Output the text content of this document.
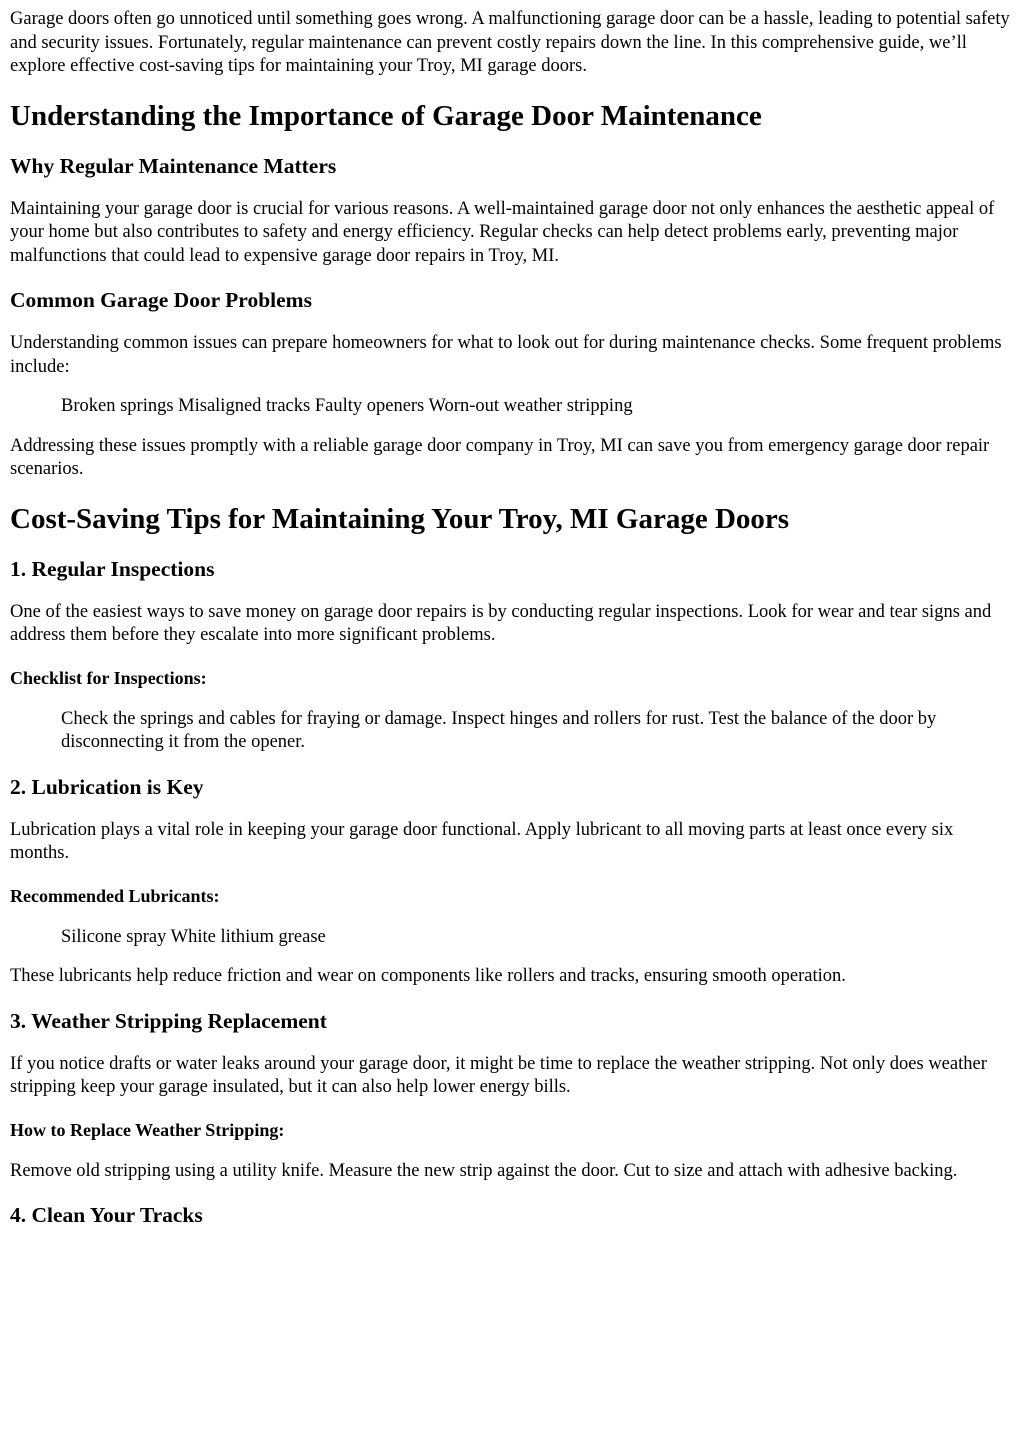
Garage doors often go unnoticed until something goes wrong. A malfunctioning garage door can be a hassle, leading to potential safety and security issues. Fortunately, regular maintenance can prevent costly repairs down the line. In this comprehensive guide, we’ll explore effective cost-saving tips for maintaining your Troy, MI garage doors.

Understanding the Importance of Garage Door Maintenance
Why Regular Maintenance Matters

Maintaining your garage door is crucial for various reasons. A well-maintained garage door not only enhances the aesthetic appeal of your home but also contributes to safety and energy efficiency. Regular checks can help detect problems early, preventing major malfunctions that could lead to expensive garage door repairs in Troy, MI.

Common Garage Door Problems

Understanding common issues can prepare homeowners for what to look out for during maintenance checks. Some frequent problems include:

Broken springs Misaligned tracks Faulty openers Worn-out weather stripping

Addressing these issues promptly with a reliable garage door company in Troy, MI can save you from emergency garage door repair scenarios.

Cost-Saving Tips for Maintaining Your Troy, MI Garage Doors
1. Regular Inspections

One of the easiest ways to save money on garage door repairs is by conducting regular inspections. Look for wear and tear signs and address them before they escalate into more significant problems.

Checklist for Inspections:
Check the springs and cables for fraying or damage. Inspect hinges and rollers for rust. Test the balance of the door by disconnecting it from the opener.
2. Lubrication is Key

Lubrication plays a vital role in keeping your garage door functional. Apply lubricant to all moving parts at least once every six months.

Recommended Lubricants:
Silicone spray White lithium grease

These lubricants help reduce friction and wear on components like rollers and tracks, ensuring smooth operation.

3. Weather Stripping Replacement

If you notice drafts or water leaks around your garage door, it might be time to replace the weather stripping. Not only does weather stripping keep your garage insulated, but it can also help lower energy bills.

How to Replace Weather Stripping:

Remove old stripping using a utility knife. Measure the new strip against the door. Cut to size and attach with adhesive backing.

4. Clean Your Tracks
